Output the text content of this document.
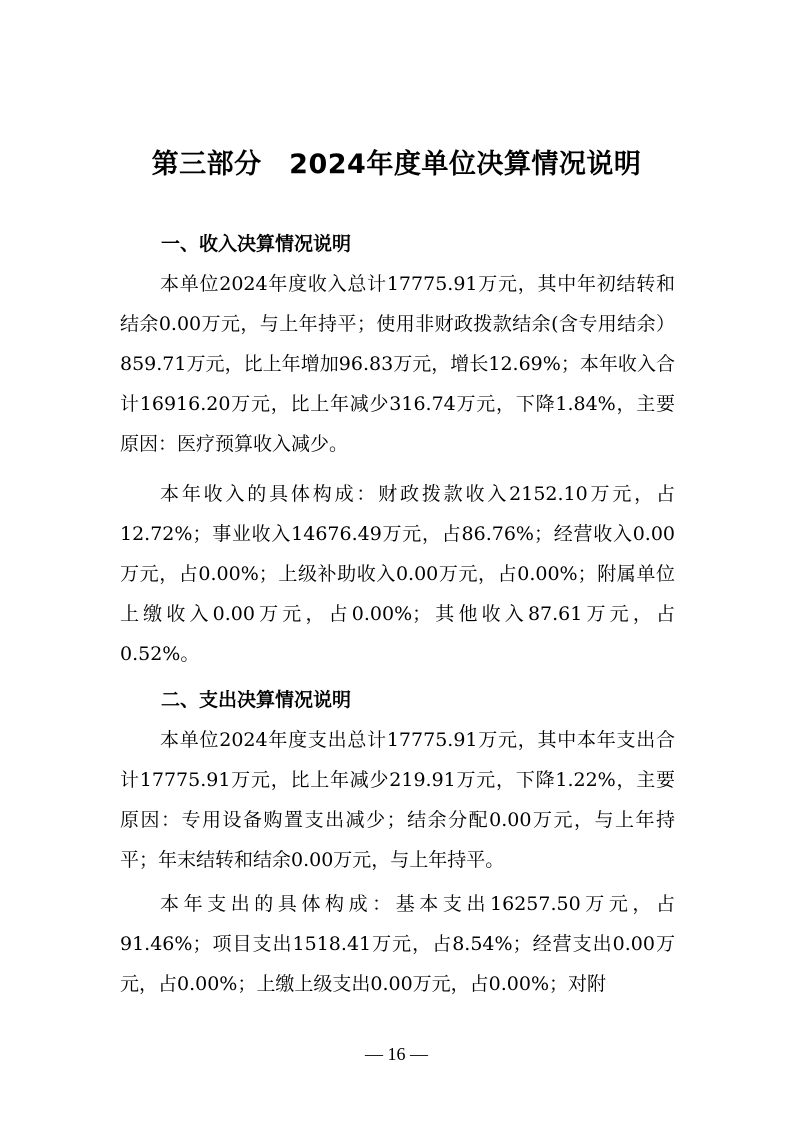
第三部分　2024年度单位决算情况说明
一、收入决算情况说明

本单位2024年度收入总计17775.91万元，其中年初结转和结余0.00万元，与上年持平；使用非财政拨款结余(含专用结余）859.71万元，比上年增加96.83万元，增长12.69%；本年收入合计16916.20万元，比上年减少316.74万元，下降1.84%，主要原因：医疗预算收入减少。

本年收入的具体构成：财政拨款收入2152.10万元，占12.72%；事业收入14676.49万元，占86.76%；经营收入0.00万元，占0.00%；上级补助收入0.00万元，占0.00%；附属单位上缴收入0.00万元，占0.00%；其他收入87.61万元，占0.52%。

二、支出决算情况说明

本单位2024年度支出总计17775.91万元，其中本年支出合计17775.91万元，比上年减少219.91万元，下降1.22%，主要原因：专用设备购置支出减少；结余分配0.00万元，与上年持平；年末结转和结余0.00万元，与上年持平。

本年支出的具体构成：基本支出16257.50万元，占91.46%；项目支出1518.41万元，占8.54%；经营支出0.00万元，占0.00%；上缴上级支出0.00万元，占0.00%；对附

— 16 —
